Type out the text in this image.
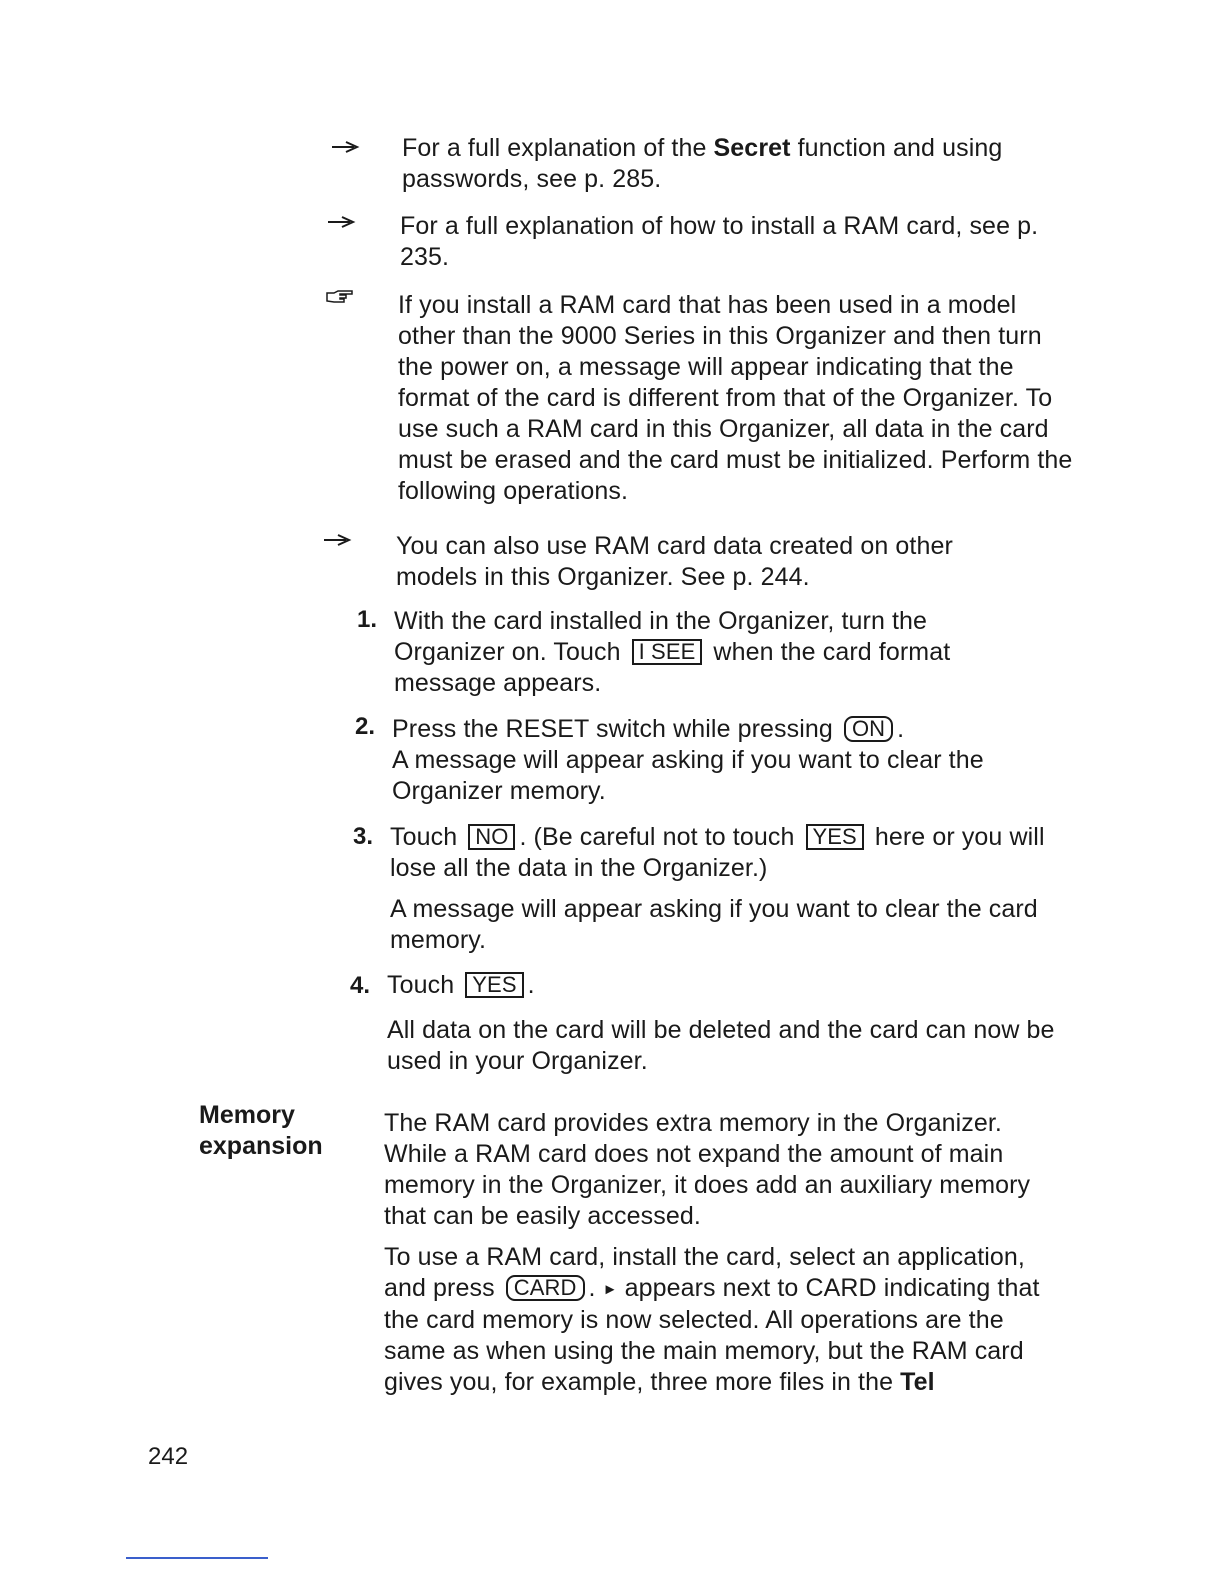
For a full explanation of the Secret function and using passwords, see p. 285.
For a full explanation of how to install a RAM card, see p. 235.
If you install a RAM card that has been used in a model other than the 9000 Series in this Organizer and then turn the power on, a message will appear indicating that the format of the card is different from that of the Organizer. To use such a RAM card in this Organizer, all data in the card must be erased and the card must be initialized. Perform the following operations.
You can also use RAM card data created on other models in this Organizer. See p. 244.
1. With the card installed in the Organizer, turn the Organizer on. Touch I SEE when the card format message appears.
2. Press the RESET switch while pressing ON .
A message will appear asking if you want to clear the Organizer memory.
3. Touch NO . (Be careful not to touch YES here or you will lose all the data in the Organizer.)
A message will appear asking if you want to clear the card memory.
4. Touch YES .
All data on the card will be deleted and the card can now be used in your Organizer.
Memory
expansion
The RAM card provides extra memory in the Organizer. While a RAM card does not expand the amount of main memory in the Organizer, it does add an auxiliary memory that can be easily accessed.
To use a RAM card, install the card, select an application, and press CARD . ► appears next to CARD indicating that the card memory is now selected. All operations are the same as when using the main memory, but the RAM card gives you, for example, three more files in the Tel
242
